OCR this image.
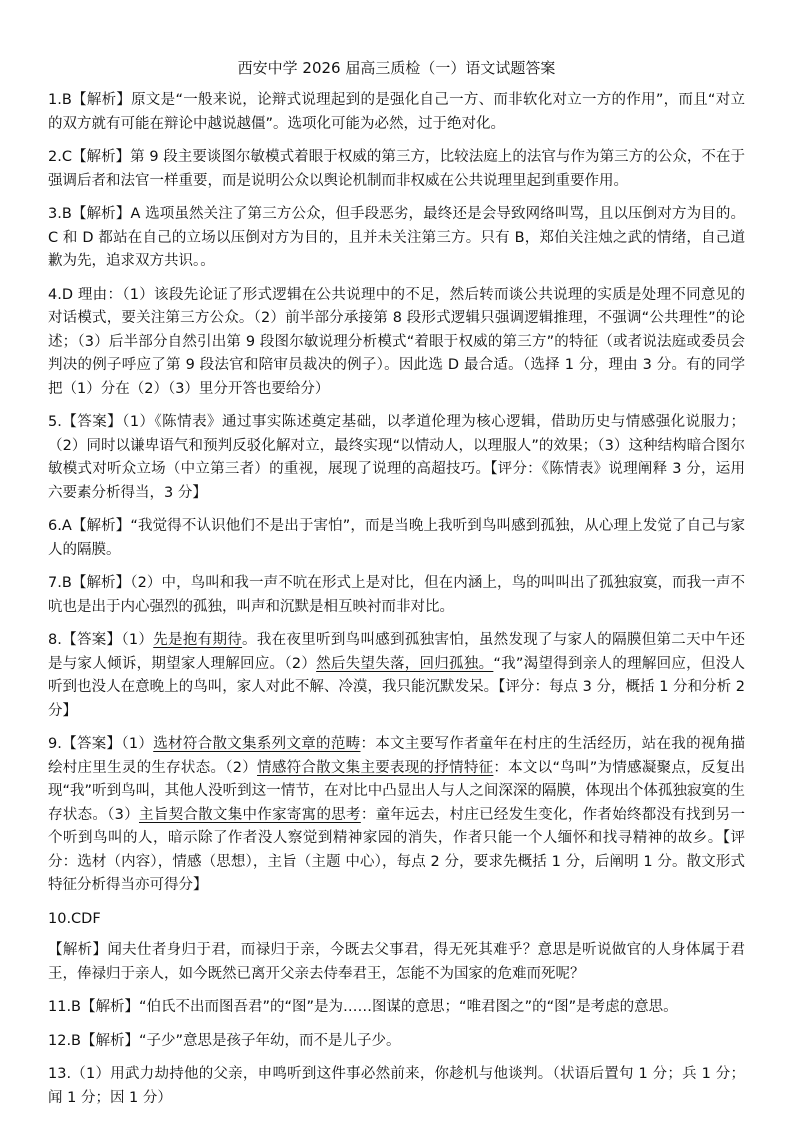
西安中学 2026 届高三质检（一）语文试题答案
1.B【解析】原文是“一般来说，论辩式说理起到的是强化自己一方、而非软化对立一方的作用”，而且“对立的双方就有可能在辩论中越说越僵”。选项化可能为必然，过于绝对化。
2.C【解析】第 9 段主要谈图尔敏模式着眼于权威的第三方，比较法庭上的法官与作为第三方的公众，不在于强调后者和法官一样重要，而是说明公众以舆论机制而非权威在公共说理里起到重要作用。
3.B【解析】A 选项虽然关注了第三方公众，但手段恶劣，最终还是会导致网络叫骂，且以压倒对方为目的。C 和 D 都站在自己的立场以压倒对方为目的，且并未关注第三方。只有 B，郑伯关注烛之武的情绪，自己道歉为先，追求双方共识。。
4.D 理由：（1）该段先论证了形式逻辑在公共说理中的不足，然后转而谈公共说理的实质是处理不同意见的对话模式，要关注第三方公众。（2）前半部分承接第 8 段形式逻辑只强调逻辑推理，不强调“公共理性”的论述；（3）后半部分自然引出第 9 段图尔敏说理分析模式“着眼于权威的第三方”的特征（或者说法庭或委员会判决的例子呼应了第 9 段法官和陪审员裁决的例子）。因此选 D 最合适。（选择 1 分，理由 3 分。有的同学把（1）分在（2）（3）里分开答也要给分）
5.【答案】（1）《陈情表》通过事实陈述奠定基础，以孝道伦理为核心逻辑，借助历史与情感强化说服力；（2）同时以谦卑语气和预判反驳化解对立，最终实现“以情动人，以理服人”的效果；（3）这种结构暗合图尔敏模式对听众立场（中立第三者）的重视，展现了说理的高超技巧。【评分：《陈情表》说理阐释 3 分，运用六要素分析得当，3 分】
6.A【解析】“我觉得不认识他们不是出于害怕”，而是当晚上我听到鸟叫感到孤独，从心理上发觉了自己与家人的隔膜。
7.B【解析】（2）中，鸟叫和我一声不吭在形式上是对比，但在内涵上，鸟的叫叫出了孤独寂寞，而我一声不吭也是出于内心强烈的孤独，叫声和沉默是相互映衬而非对比。
8.【答案】（1）先是抱有期待。我在夜里听到鸟叫感到孤独害怕，虽然发现了与家人的隔膜但第二天中午还是与家人倾诉，期望家人理解回应。（2）然后失望失落，回归孤独。“我”渴望得到亲人的理解回应，但没人听到也没人在意晚上的鸟叫，家人对此不解、冷漠，我只能沉默发呆。【评分：每点 3 分，概括 1 分和分析 2 分】
9.【答案】（1）选材符合散文集系列文章的范畴：本文主要写作者童年在村庄的生活经历，站在我的视角描绘村庄里生灵的生存状态。（2）情感符合散文集主要表现的抒情特征：本文以“鸟叫”为情感凝聚点，反复出现“我”听到鸟叫，其他人没听到这一情节，在对比中凸显出人与人之间深深的隔膜，体现出个体孤独寂寞的生存状态。（3）主旨契合散文集中作家寄寓的思考：童年远去，村庄已经发生变化，作者始终都没有找到另一个听到鸟叫的人，暗示除了作者没人察觉到精神家园的消失，作者只能一个人缅怀和找寻精神的故乡。【评分：选材（内容），情感（思想），主旨（主题 中心），每点 2 分，要求先概括 1 分，后阐明 1 分。散文形式特征分析得当亦可得分】
10.CDF
【解析】闻夫仕者身归于君，而禄归于亲，今既去父事君，得无死其难乎？意思是听说做官的人身体属于君王，俸禄归于亲人，如今既然已离开父亲去侍奉君王，怎能不为国家的危难而死呢？
11.B【解析】“伯氏不出而图吾君”的“图”是为……图谋的意思；“唯君图之”的“图”是考虑的意思。
12.B【解析】“子少”意思是孩子年幼，而不是儿子少。
13.（1）用武力劫持他的父亲，申鸣听到这件事必然前来，你趁机与他谈判。（状语后置句 1 分；兵 1 分；闻 1 分；因 1 分）
